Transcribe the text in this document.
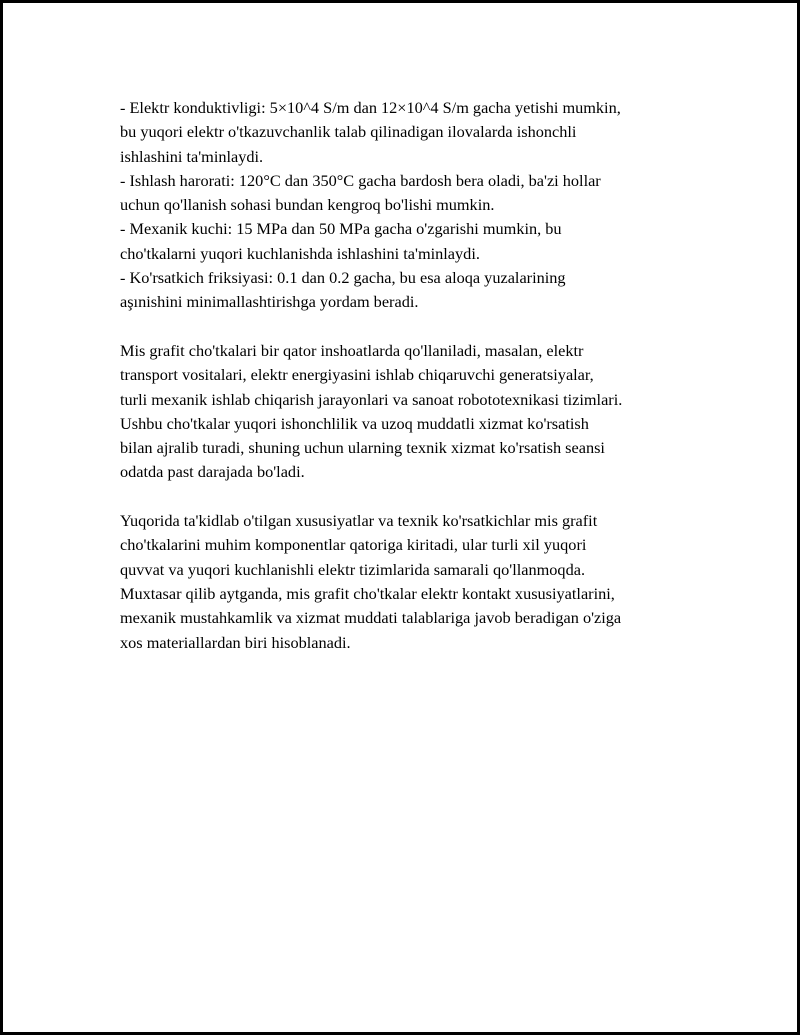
- Elektr konduktivligi: 5×10^4 S/m dan 12×10^4 S/m gacha yetishi mumkin,
bu yuqori elektr o'tkazuvchanlik talab qilinadigan ilovalarda ishonchli
ishlashini ta'minlaydi.
- Ishlash harorati: 120°C dan 350°C gacha bardosh bera oladi, ba'zi hollar
uchun qo'llanish sohasi bundan kengroq bo'lishi mumkin.
- Mexanik kuchi: 15 MPa dan 50 MPa gacha o'zgarishi mumkin, bu
cho'tkalarni yuqori kuchlanishda ishlashini ta'minlaydi.
- Ko'rsatkich friksiyasi: 0.1 dan 0.2 gacha, bu esa aloqa yuzalarining
aşınishini minimallashtirishga yordam beradi.
Mis grafit cho'tkalari bir qator inshoatlarda qo'llaniladi, masalan, elektr
transport vositalari, elektr energiyasini ishlab chiqaruvchi generatsiyalar,
turli mexanik ishlab chiqarish jarayonlari va sanoat robototexnikasi tizimlari.
Ushbu cho'tkalar yuqori ishonchlilik va uzoq muddatli xizmat ko'rsatish
bilan ajralib turadi, shuning uchun ularning texnik xizmat ko'rsatish seansi
odatda past darajada bo'ladi.
Yuqorida ta'kidlab o'tilgan xususiyatlar va texnik ko'rsatkichlar mis grafit
cho'tkalarini muhim komponentlar qatoriga kiritadi, ular turli xil yuqori
quvvat va yuqori kuchlanishli elektr tizimlarida samarali qo'llanmoqda.
Muxtasar qilib aytganda, mis grafit cho'tkalar elektr kontakt xususiyatlarini,
mexanik mustahkamlik va xizmat muddati talablariga javob beradigan o'ziga
xos materiallardan biri hisoblanadi.
